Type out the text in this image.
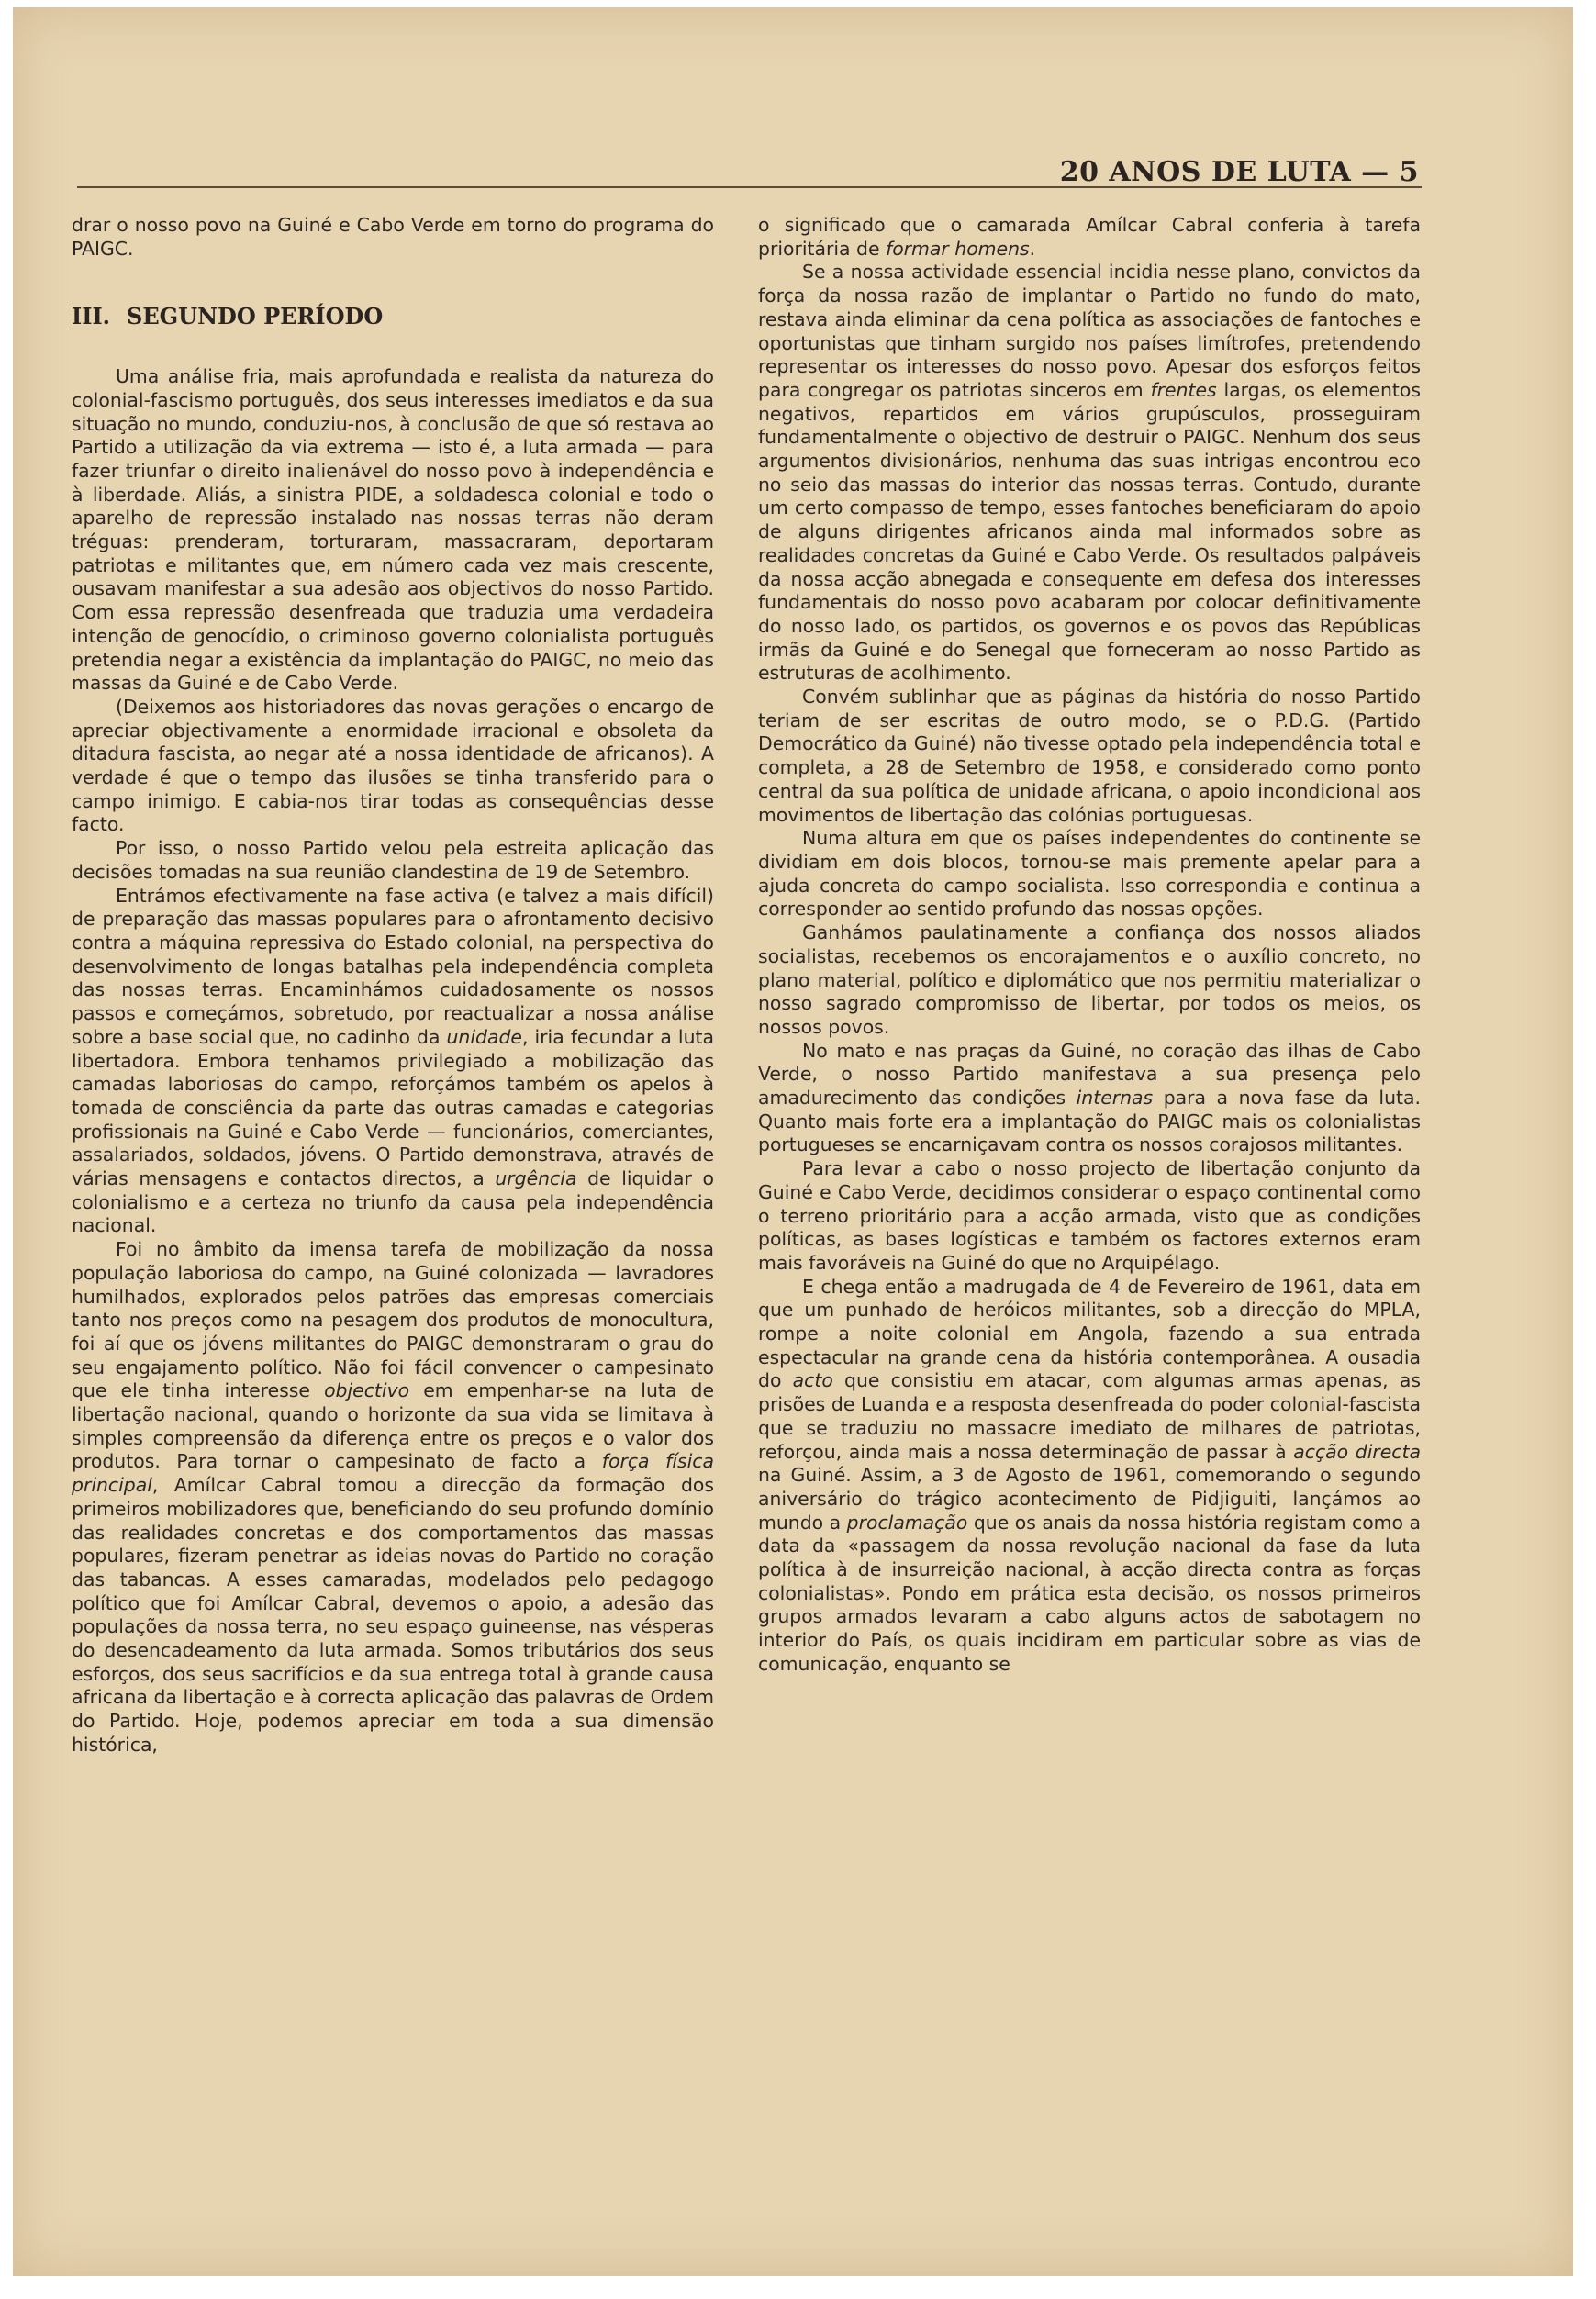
20 ANOS DE LUTA — 5

drar o nosso povo na Guiné e Cabo Verde em torno do programa do PAIGC.

III. SEGUNDO PERÍODO

Uma análise fria, mais aprofundada e realista da natureza do colonial-fascismo português, dos seus interesses imediatos e da sua situação no mundo, conduziu-nos, à conclusão de que só restava ao Partido a utilização da via extrema — isto é, a luta armada — para fazer triunfar o direito inalienável do nosso povo à independência e à liberdade. Aliás, a sinistra PIDE, a soldadesca colonial e todo o aparelho de repressão instalado nas nossas terras não deram tréguas: prenderam, torturaram, massacraram, deportaram patriotas e militantes que, em número cada vez mais crescente, ousavam manifestar a sua adesão aos objectivos do nosso Partido. Com essa repressão desenfreada que traduzia uma verdadeira intenção de genocídio, o criminoso governo colonialista português pretendia negar a existência da implantação do PAIGC, no meio das massas da Guiné e de Cabo Verde.

(Deixemos aos historiadores das novas gerações o encargo de apreciar objectivamente a enormidade irracional e obsoleta da ditadura fascista, ao negar até a nossa identidade de africanos). A verdade é que o tempo das ilusões se tinha transferido para o campo inimigo. E cabia-nos tirar todas as consequências desse facto.

Por isso, o nosso Partido velou pela estreita aplicação das decisões tomadas na sua reunião clandestina de 19 de Setembro.

Entrámos efectivamente na fase activa (e talvez a mais difícil) de preparação das massas populares para o afrontamento decisivo contra a máquina repressiva do Estado colonial, na perspectiva do desenvolvimento de longas batalhas pela independência completa das nossas terras. Encaminhámos cuidadosamente os nossos passos e começámos, sobretudo, por reactualizar a nossa análise sobre a base social que, no cadinho da unidade, iria fecundar a luta libertadora. Embora tenhamos privilegiado a mobilização das camadas laboriosas do campo, reforçámos também os apelos à tomada de consciência da parte das outras camadas e categorias profissionais na Guiné e Cabo Verde — funcionários, comerciantes, assalariados, soldados, jóvens. O Partido demonstrava, através de várias mensagens e contactos directos, a urgência de liquidar o colonialismo e a certeza no triunfo da causa pela independência nacional.

Foi no âmbito da imensa tarefa de mobilização da nossa população laboriosa do campo, na Guiné colonizada — lavradores humilhados, explorados pelos patrões das empresas comerciais tanto nos preços como na pesagem dos produtos de monocultura, foi aí que os jóvens militantes do PAIGC demonstraram o grau do seu engajamento político. Não foi fácil convencer o campesinato que ele tinha interesse objectivo em empenhar-se na luta de libertação nacional, quando o horizonte da sua vida se limitava à simples compreensão da diferença entre os preços e o valor dos produtos. Para tornar o campesinato de facto a força física principal, Amílcar Cabral tomou a direcção da formação dos primeiros mobilizadores que, beneficiando do seu profundo domínio das realidades concretas e dos comportamentos das massas populares, fizeram penetrar as ideias novas do Partido no coração das tabancas. A esses camaradas, modelados pelo pedagogo político que foi Amílcar Cabral, devemos o apoio, a adesão das populações da nossa terra, no seu espaço guineense, nas vésperas do desencadeamento da luta armada. Somos tributários dos seus esforços, dos seus sacrifícios e da sua entrega total à grande causa africana da libertação e à correcta aplicação das palavras de Ordem do Partido. Hoje, podemos apreciar em toda a sua dimensão histórica,

o significado que o camarada Amílcar Cabral conferia à tarefa prioritária de formar homens.

Se a nossa actividade essencial incidia nesse plano, convictos da força da nossa razão de implantar o Partido no fundo do mato, restava ainda eliminar da cena política as associações de fantoches e oportunistas que tinham surgido nos países limítrofes, pretendendo representar os interesses do nosso povo. Apesar dos esforços feitos para congregar os patriotas sinceros em frentes largas, os elementos negativos, repartidos em vários grupúsculos, prosseguiram fundamentalmente o objectivo de destruir o PAIGC. Nenhum dos seus argumentos divisionários, nenhuma das suas intrigas encontrou eco no seio das massas do interior das nossas terras. Contudo, durante um certo compasso de tempo, esses fantoches beneficiaram do apoio de alguns dirigentes africanos ainda mal informados sobre as realidades concretas da Guiné e Cabo Verde. Os resultados palpáveis da nossa acção abnegada e consequente em defesa dos interesses fundamentais do nosso povo acabaram por colocar definitivamente do nosso lado, os partidos, os governos e os povos das Repúblicas irmãs da Guiné e do Senegal que forneceram ao nosso Partido as estruturas de acolhimento.

Convém sublinhar que as páginas da história do nosso Partido teriam de ser escritas de outro modo, se o P.D.G. (Partido Democrático da Guiné) não tivesse optado pela independência total e completa, a 28 de Setembro de 1958, e considerado como ponto central da sua política de unidade africana, o apoio incondicional aos movimentos de libertação das colónias portuguesas.

Numa altura em que os países independentes do continente se dividiam em dois blocos, tornou-se mais premente apelar para a ajuda concreta do campo socialista. Isso correspondia e continua a corresponder ao sentido profundo das nossas opções.

Ganhámos paulatinamente a confiança dos nossos aliados socialistas, recebemos os encorajamentos e o auxílio concreto, no plano material, político e diplomático que nos permitiu materializar o nosso sagrado compromisso de libertar, por todos os meios, os nossos povos.

No mato e nas praças da Guiné, no coração das ilhas de Cabo Verde, o nosso Partido manifestava a sua presença pelo amadurecimento das condições internas para a nova fase da luta. Quanto mais forte era a implantação do PAIGC mais os colonialistas portugueses se encarniçavam contra os nossos corajosos militantes.

Para levar a cabo o nosso projecto de libertação conjunto da Guiné e Cabo Verde, decidimos considerar o espaço continental como o terreno prioritário para a acção armada, visto que as condições políticas, as bases logísticas e também os factores externos eram mais favoráveis na Guiné do que no Arquipélago.

E chega então a madrugada de 4 de Fevereiro de 1961, data em que um punhado de heróicos militantes, sob a direcção do MPLA, rompe a noite colonial em Angola, fazendo a sua entrada espectacular na grande cena da história contemporânea. A ousadia do acto que consistiu em atacar, com algumas armas apenas, as prisões de Luanda e a resposta desenfreada do poder colonial-fascista que se traduziu no massacre imediato de milhares de patriotas, reforçou, ainda mais a nossa determinação de passar à acção directa na Guiné. Assim, a 3 de Agosto de 1961, comemorando o segundo aniversário do trágico acontecimento de Pidjiguiti, lançámos ao mundo a proclamação que os anais da nossa história registam como a data da «passagem da nossa revolução nacional da fase da luta política à de insurreição nacional, à acção directa contra as forças colonialistas». Pondo em prática esta decisão, os nossos primeiros grupos armados levaram a cabo alguns actos de sabotagem no interior do País, os quais incidiram em particular sobre as vias de comunicação, enquanto se
